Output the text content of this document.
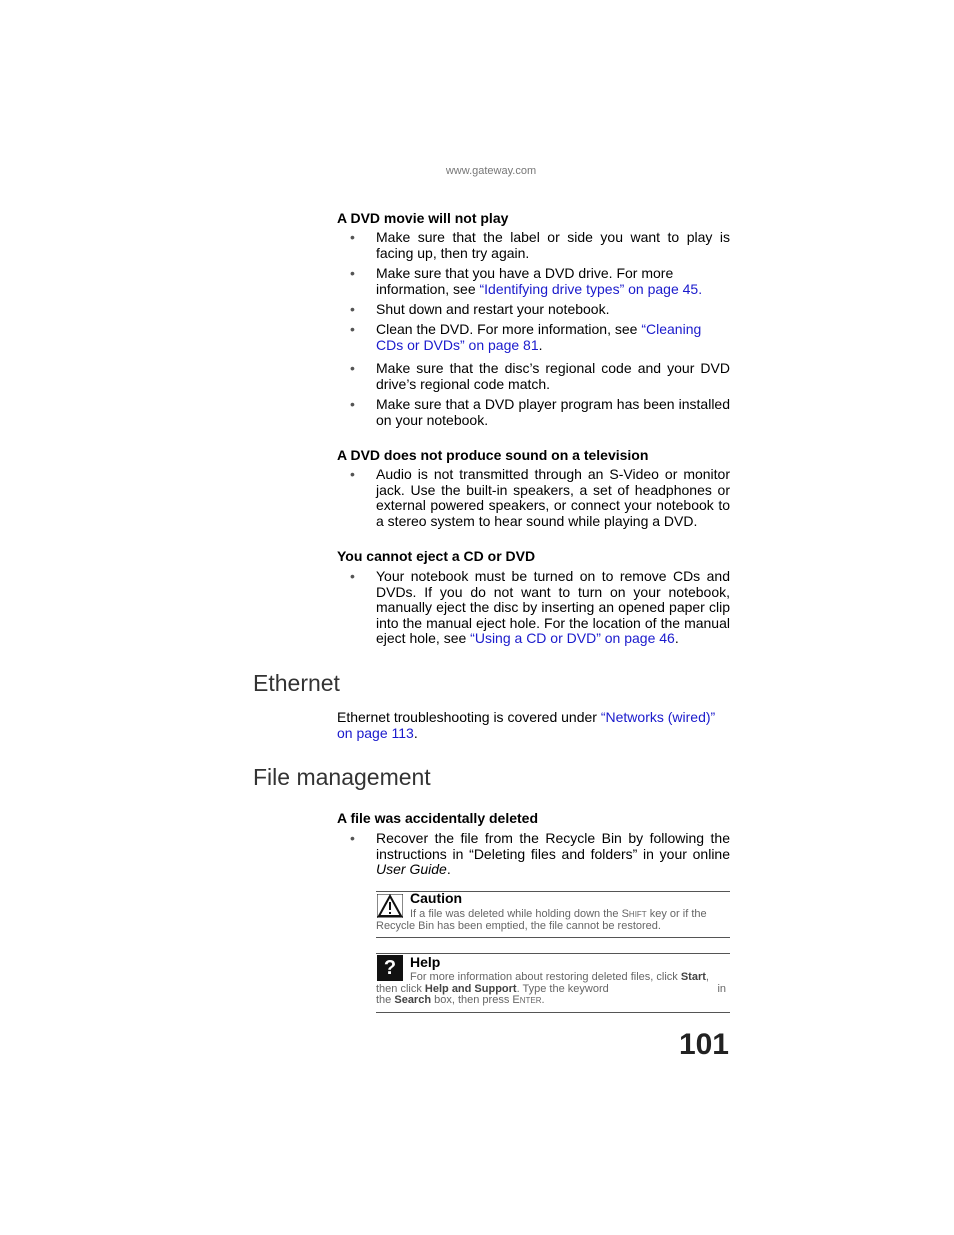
www.gateway.com
A DVD movie will not play
• Make sure that the label or side you want to play is facing up, then try again.

• Make sure that you have a DVD drive. For more information, see “Identifying drive types” on page 45.

• Shut down and restart your notebook.

• Clean the DVD. For more information, see “Cleaning CDs or DVDs” on page 81.

• Make sure that the disc’s regional code and your DVD drive’s regional code match.

• Make sure that a DVD player program has been installed on your notebook.

A DVD does not produce sound on a television
• Audio is not transmitted through an S-Video or monitor jack. Use the built-in speakers, a set of headphones or external powered speakers, or connect your notebook to a stereo system to hear sound while playing a DVD.

You cannot eject a CD or DVD
• Your notebook must be turned on to remove CDs and DVDs. If you do not want to turn on your notebook, manually eject the disc by inserting an opened paper clip into the manual eject hole. For the location of the manual eject hole, see “Using a CD or DVD” on page 46.

Ethernet

Ethernet troubleshooting is covered under “Networks (wired)” on page 113.

File management
A file was accidentally deleted
• Recover the file from the Recycle Bin by following the instructions in “Deleting files and folders” in your online User Guide.

Caution

If a file was deleted while holding down the Shift key or if the

Recycle Bin has been emptied, the file cannot be restored.

? Help

For more information about restoring deleted files, click Start,

then click Help and Support. Type the keyword	in

the Search box, then press Enter.

101
